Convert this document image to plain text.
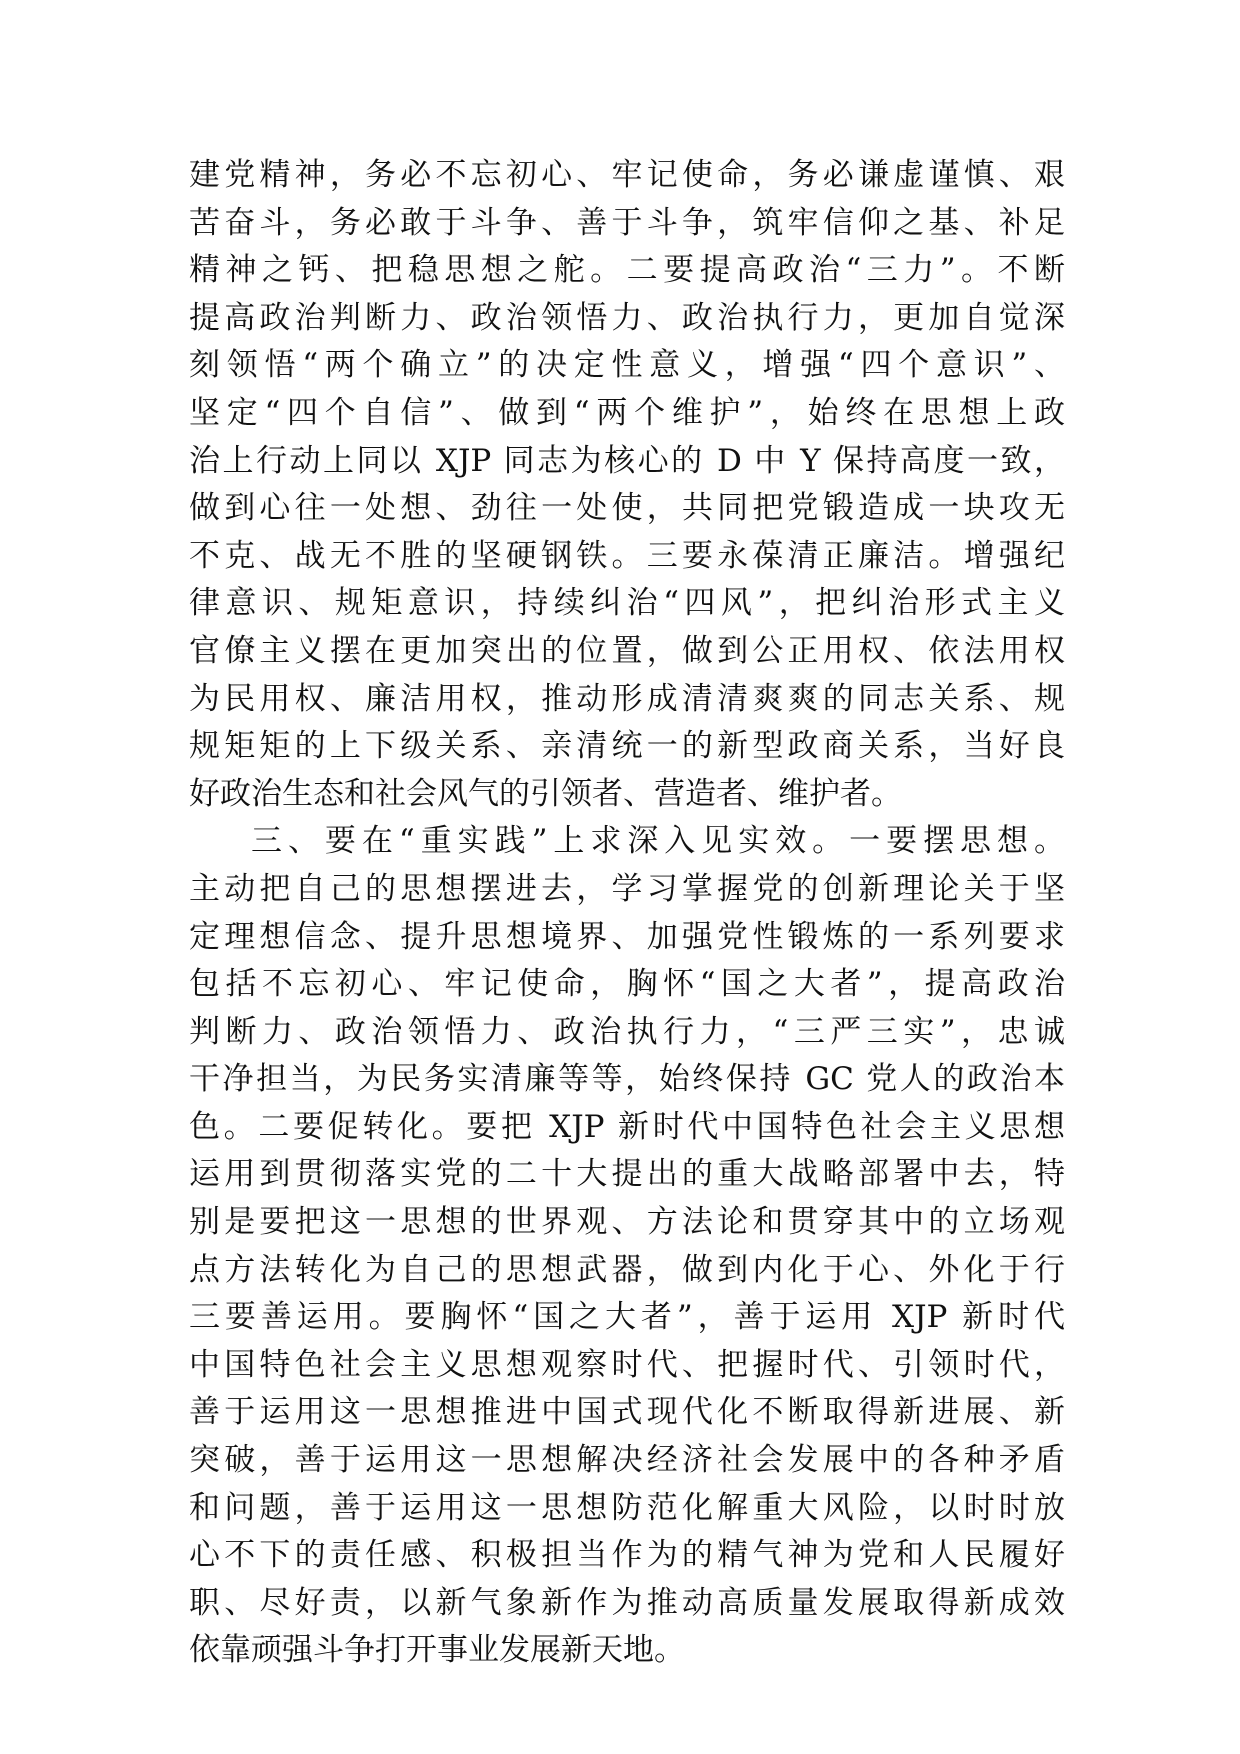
建党精神，务必不忘初心、牢记使命，务必谦虚谨慎、艰
苦奋斗，务必敢于斗争、善于斗争，筑牢信仰之基、补足
精神之钙、把稳思想之舵。二要提高政治“三力”。不断
提高政治判断力、政治领悟力、政治执行力，更加自觉深
刻领悟“两个确立”的决定性意义，增强“四个意识”、
坚定“四个自信”、做到“两个维护”，始终在思想上政
治上行动上同以 XJP 同志为核心的 D 中 Y 保持高度一致，
做到心往一处想、劲往一处使，共同把党锻造成一块攻无
不克、战无不胜的坚硬钢铁。三要永葆清正廉洁。增强纪
律意识、规矩意识，持续纠治“四风”，把纠治形式主义
官僚主义摆在更加突出的位置，做到公正用权、依法用权
为民用权、廉洁用权，推动形成清清爽爽的同志关系、规
规矩矩的上下级关系、亲清统一的新型政商关系，当好良
好政治生态和社会风气的引领者、营造者、维护者。
三、要在“重实践”上求深入见实效。一要摆思想。
主动把自己的思想摆进去，学习掌握党的创新理论关于坚
定理想信念、提升思想境界、加强党性锻炼的一系列要求
包括不忘初心、牢记使命，胸怀“国之大者”，提高政治
判断力、政治领悟力、政治执行力，“三严三实”，忠诚
干净担当，为民务实清廉等等，始终保持 GC 党人的政治本
色。二要促转化。要把 XJP 新时代中国特色社会主义思想
运用到贯彻落实党的二十大提出的重大战略部署中去，特
别是要把这一思想的世界观、方法论和贯穿其中的立场观
点方法转化为自己的思想武器，做到内化于心、外化于行
三要善运用。要胸怀“国之大者”，善于运用 XJP 新时代
中国特色社会主义思想观察时代、把握时代、引领时代，
善于运用这一思想推进中国式现代化不断取得新进展、新
突破，善于运用这一思想解决经济社会发展中的各种矛盾
和问题，善于运用这一思想防范化解重大风险，以时时放
心不下的责任感、积极担当作为的精气神为党和人民履好
职、尽好责，以新气象新作为推动高质量发展取得新成效
依靠顽强斗争打开事业发展新天地。
